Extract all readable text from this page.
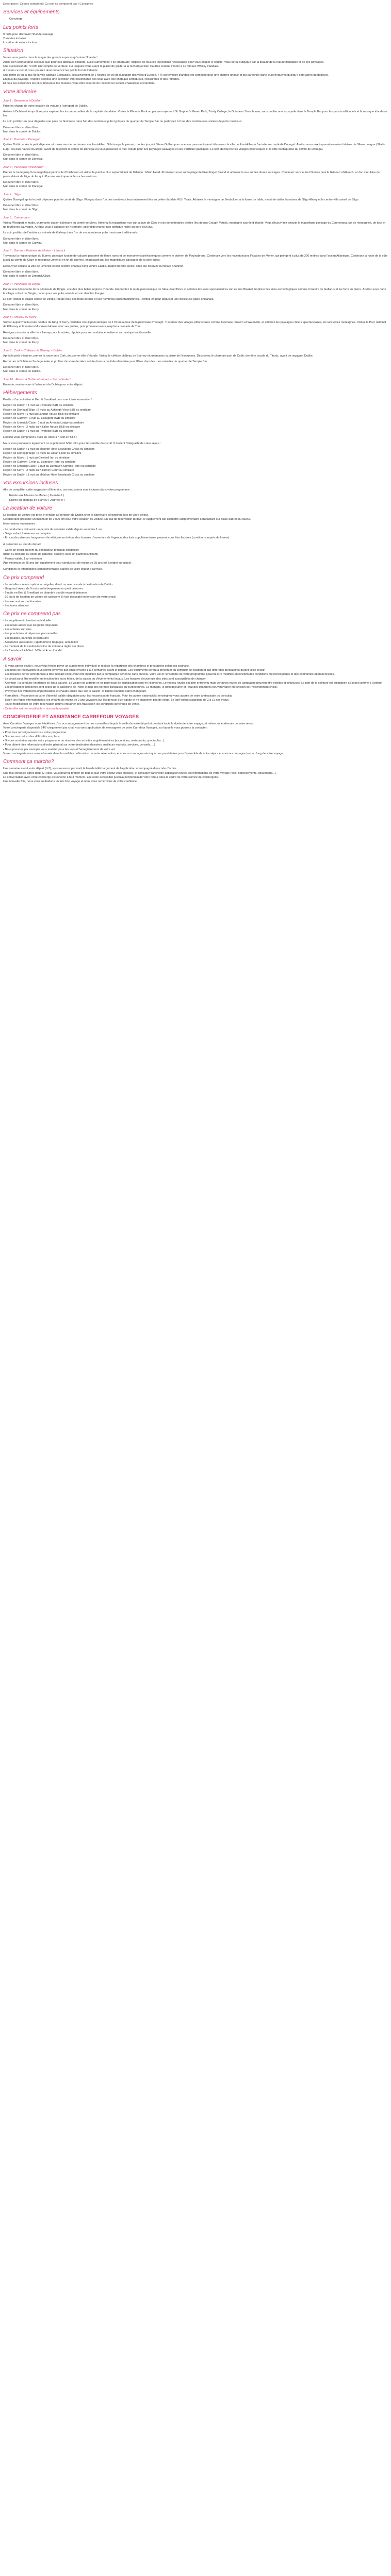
Description | Ce prix comprend | Ce prix ne comprend pas | Consignes
Services et équipements
• Concierge
Les points forts

9 nuits pour découvrir l'Irlande sauvage

2 entrées incluses

Location de voiture incluse

Situation

Venez vous perdre dans la magie des grands espaces qu'anime l'Irlande !

Aussi bien connue pour ses lacs que pour ses tableaux, l'Irlande, aussi surnommée "l'île émeraude" dispose de tous les ingrédients nécessaires pour vous couper le souffle. Vous serez subjugué par la beauté de la nature irlandaise et de ses paysages.

Une succession de 70 000 km² remplis de verdure, sur lesquels vous aurez le plaisir de guider à la recherque bien d'autres curieux trésors à ce fameux Whisky irlandais.

À travers ce circuit, vous pourrez ainsi découvrir les points fort de l'Irlande.

Une petite ils ou la que de la ville capitale Écossaise, exclusivement de 2 heures de vol de là plupart des villes d'Europe. 7 % du territoire irlandais est composé pour une charme unique et qui pardonne dans leurs fréquents quoiqu'e sont après du dépaysé.

En plus du paysage, l'Irlande propose une sélection impressionnante des lieux avec des châteaux somptueux, restaurants et des retraites.

Et pour les personnes les plus amoureux les musées, vous êtes assurés de recevoir un accueil chaleureux et irlandais.

Votre itinéraire
Jour 1 : Bienvenue à Dublin !

Prise en charge de votre location de voiture à l'aéroport de Dublin.

Arrivée à Dublin et temps libre pour explorer les incontournables de la capitale irlandaise. Visitez le Phoenix Park ou plaque majeure à St Stephen's Green Park, Trinity College, le Guinness Store house, sans oublier une escapade dans le Temple Bar pour les pubs traditionnels et la musique irlandaise live.

Le soir, profitez-en pour déguster une pinte de Guinness dans l'un des nombreux pubs typiques du quartier du Temple Bar ou participez à l'une des nombreuses soirées de pubs musicaux.

Déjeuner libre et dîner libre.

Nuit dans le comté de Dublin.

Jour 2 : Dundalk – Donegal

Quittez Dublin après le petit déjeuner et roulez vers le nord-ouest via Enniskillen. Si le temps le permet, montez jusqu'à Slieve Gullion pour une vue panoramique et découvrez la ville de Enniskillen à l'arrivée au comté de Donegal. Arrêtez-vous aux impressionnantes falaises de Slieve League (Sliabh Liag), les plus hautes d'Europe, avant de rejoindre le comté de Donegal où vous passerez la nuit, réputé pour ses paysages sauvages et ses traditions gaéliques. Le soir, découvrez les villages pittoresques et la côte déchiquetée du comté de Donegal.

Déjeuner libre et dîner libre.

Nuit dans le comté de Donegal.

Jour 3 : Péninsule d'Inishowen

Prenez la route jusqu'à la magnifique péninsule d'Inishowen et visitez le point le plus septentrional de l'Irlande : Malin Head. Promenez-vous sur la plage de Five Finger Strand et admirez la vue sur les dunes sauvages. Continuez vers le Fort Dunree puis le Grianan of Aileach, un fort circulaire de pierre datant de l'âge du fer qui offre une vue imprenable sur les environs.

Déjeuner libre et dîner libre.

Nuit dans le comté de Donegal.

Jour 4 : Sligo

Quittez Donegal après le petit déjeuner pour le comté de Sligo. Plongez dans l'un des nombreux lieux intimement liés au poète irlandais W.B. Yeats. Admirez la montagne de Benbulben à la forme de table, avant de visiter les ruines de Sligo Abbey et le centre-ville animé de Sligo.

Déjeuner libre et dîner libre.

Nuit dans le comté de Sligo.

Jour 5 : Connemara

Visitez Westport le matin, charmante station balnéaire du comté de Mayo. Admirez la magnifique vue sur la baie de Clew et ses innombrables petites îles depuis Croagh Patrick, montagne sacrée d'Irlande. Vous découvrirez ensuite le magnifique paysage du Connemara, fait de montagnes, de lacs et de tourbières sauvages. Arrêtez-vous à l'abbaye de Kylemore, splendide manoir néo-gothique niché au bord d'un lac.

Le soir, profitez de l'ambiance animée de Galway dans l'un de ses nombreux pubs musicaux traditionnels.

Déjeuner libre et dîner libre.

Nuit dans le comté de Galway.

Jour 6 : Burren – Falaises de Moher – Limerick

Traversez la région unique du Burren, paysage lunaire de calcaire parsemé de fleurs rares et de monuments préhistoriques comme le dolmen de Poulnabrone. Continuez vers les majestueuses Falaises de Moher, qui plongent à plus de 200 mètres dans l'océan Atlantique. Continuez la route de la côte jusqu'au comté de Clare et rejoignez Limerick en fin de journée, en passant par les magnifiques paysages de la côte ouest.

Découvrez ensuite la ville de Limerick et son célèbre château King John's Castle, datant du XIIIe siècle, situé sur les rives du fleuve Shannon.

Déjeuner libre et dîner libre.

Nuit dans le comté de Limerick/Clare.

Jour 7 : Péninsule de Dingle

Partez à la découverte de la péninsule de Dingle, une des plus belles régions d'Irlande. Empruntez la route panoramique de Slea Head Drive et admirez les vues spectaculaires sur les îles Blasket. Explorez les sites archéologiques comme l'oratoire de Gallarus et les forts en pierre. Arrêtez-vous dans le village coloré de Dingle, connu pour ses pubs animés et son dauphin Fungie.

Le soir, visitez le village coloré de Dingle, réputé pour ses fruits de mer et ses nombreux pubs traditionnels. Profitez-en pour déguster une délicieuse glace artisanale.

Déjeuner libre et dîner libre.

Nuit dans le comté de Kerry.

Jour 8 : Anneau du Kerry

Suivez aujourd'hui la route célèbre du Ring of Kerry, véritable circuit panoramique de 179 km autour de la péninsule d'Iveragh. Traversez des villages pittoresques comme Kenmare, Sneem et Waterville, et admirez les paysages côtiers spectaculaires, les lacs et les montagnes. Visitez le Parc national de Killarney et la maison Muckross House avec ses jardins, puis promenez-vous jusqu'à la cascade de Torc.

Rejoignez ensuite la ville de Killarney pour la soirée, réputée pour son ambiance festive et sa musique traditionnelle.

Déjeuner libre et dîner libre.

Nuit dans le comté de Kerry.

Jour 9 : Cork – Château de Blarney – Dublin

Après le petit déjeuner, prenez la route vers Cork, deuxième ville d'Irlande. Visitez le célèbre château de Blarney et embrassez la pierre de l'éloquence. Découvrez le charmant port de Cobh, dernière escale du Titanic, avant de regagner Dublin.

Retournez à Dublin en fin de journée et profitez de votre dernière soirée dans la capitale irlandaise pour flâner dans les rues animées du quartier de Temple Bar.

Déjeuner libre et dîner libre.

Nuit dans le comté de Dublin.

Jour 10 : Retour à Dublin et départ – Slán abhaile !

En route, rendez-vous à l'aéroport de Dublin pour votre départ.

Hébergements

Profitez d'un entretien et Bed & Breakfast pour une totale immersion !

Région de Dublin : 1 nuit au Riverside B&B ou similaire

Région de Donegal/Sligo : 2 nuits au Ashleigh View B&B ou similaire

Région de Mayo : 1 nuit au Langan House B&B ou similaire

Région de Galway : 1 nuit au Lissagore B&B ou similaire

Région de Limerick/Clare : 1 nuit au Armada Lodge ou similaire

Région de Kerry : 2 nuits au Killaloe House B&B ou similaire

Région de Dublin : 1 nuit au Riverside B&B ou similaire

L'option vous comprend 9 nuits en Hôtel 4 *, soit en B&B :

Nous vous proposons également un supplément hôtel ultra pour l'ensemble du circuit. Il devient l'intégralité de votre séjour :

Région de Dublin : 1 nuit au Maldron Hotel Newlands Cross ou similaire

Région de Donegal/Sligo : 2 nuits au Ostan Hotel ou similaire

Région de Mayo : 1 nuit au Clewbell Inn ou similaire

Région de Galway : 1 nuit au Lisdeane Hotel ou similaire

Région de Limerick/Clare : 1 nuit au Dunraven Springs Hotel ou similaire

Région de Kerry : 2 nuits au Killarney Court ou similaire

Région de Dublin : 1 nuit au Maldron Hotel Newlands Cross ou similaire

Vos excursions incluses

Afin de compléter cette suggestion d'itinéraire, ces excursions sont incluses dans votre programme :

• Entrée aux falaises de Moher ( Journée 6 )
• Entrée au château de Blarney ( Journée 9 )
La location de voiture

La location de voiture est prise et rendue à l'aéroport de Dublin chez le partenaire sélectionné lors de votre séjour.

Cet itinéraire présente un minimum de 1 000 km pour votre location de voiture. En cas de réservation tardive, le supplément par kilomètre supplémentaire sera facturé sur place auprès du loueur.

Informations importantes :

- Le conducteur doit avoir un permis de conduire valide depuis au moins 1 an

- Siège enfant à réserver au comptoir

- En cas de prise ou changement de véhicule en dehors des horaires d'ouverture de l'agence, des frais supplémentaires peuvent vous être facturés (conditions auprès du loueur)

À présenter au jour du départ :

- Carte de crédit au nom du conducteur principal obligatoire

(débit ou blocage du dépôt de garantie, caution) avec un plafond suffisant)

- Permis valide, 1 an minimum

Âge minimum de 25 ans (un supplément pour conducteur de moins de 25 ans est à régler sur place).

Conditions et informations complémentaires auprès de votre loueur à l'arrivée.

Ce prix comprend

- Le vol aller – retour spécial au régulier, direct ou avec escale à destination de Dublin

- Un grand séjour de 9 nuits en hébergement en petit déjeuner

- 9 nuits en Bed & Breakfast en chambre double en petit déjeuner

- 10 jours de location de voiture de catégorie B (voir descriptif en fonction de votre choix)

- Les excursions mentionnées

- Les taxes aéroport

Ce prix ne comprend pas

- Le supplément chambre individuelle

- Les repas autres que les petits déjeuners

- Les entrées sur sites

- Les pourboires et dépenses personnelles

- Les péages, parkings et carburant

- Assurance assistance, rapatriement, bagages, annulation

- Le montant de la caution location de voiture à régler sur place

- La formule vol + hôtel : 'Hôtel 4 ★ en Irlande'

A savoir

- Si vous partez seul(e), nous vous ferons payer un supplément individuel et réaliser la répartition des chambres et prestations selon vos souhaits.

- Les bons de réservation vous seront envoyés par email environ 1 à 2 semaines avant le départ. Ces documents seront à présenter au comptoir de location et aux différents prestataires durant votre séjour.

- Les horaires de vol sont donnés à titre indicatif et peuvent être modifiés par la compagnie aérienne sans préavis. Votre vol et l'ensemble de votre programme peuvent être modifiés en fonction des conditions météorologiques et des contraintes opérationnelles.

- Le circuit peut être modifié en fonction des jours fériés, de la saison ou d'événements locaux. Les horaires d'ouverture des sites sont susceptibles de changer.

- Attention : la conduite en Irlande se fait à gauche. Le volant est à droite et les panneaux de signalisation sont en kilomètres. Le réseau routier est bien entretenu mais certaines routes de campagne peuvent être étroites et sinueuses. Le port de la ceinture est obligatoire à l'avant comme à l'arrière.

- Les prestations hôtelières sont celles de la catégorie de l'hôtel et non des normes françaises ou européennes. Le ménage, le petit déjeuner et l'état des chambres peuvent varier en fonction de l'hébergement choisi.

- Prévoyez des vêtements imperméables et chauds quelle que soit la saison, le temps irlandais étant changeant.

- Formalités : Passeport ou carte d'identité valide obligatoire pour les ressortissants français. Pour les autres nationalités, renseignez-vous auprès de votre ambassade ou consulat.

- Selon les règles internationales, les enfants de moins de 2 ans voyagent sur les genoux d'un adulte et ne disposent pas de siège. Le tarif enfant s'applique de 2 à 11 ans inclus.

- Toute modification de votre réservation pourra entraîner des frais selon les conditions générales de vente.

- Cette offre est non modifiable – non remboursable

CONCIERGERIE ET ASSISTANCE CARREFOUR VOYAGES

Avec Carrefour Voyages vous bénéficiez d'un accompagnement de nos conseillers depuis la veille de votre départ et pendant toute la durée de votre voyage, et même au lendemain de votre retour.

Votre conciergerie disponible 24/7 uniquement par chat, vos voirs application de messagerie de votre Carrefour Voyages, sur laquelle vous pourrez la contacter :

• Pour tous renseignements sur votre programme

• Si vous rencontrez des difficultés sur place

• Si vous souhaitez ajouter votre programme ou réserver des activités supplémentaires (excursions, restaurants, spectacles...)

• Pour obtenir des informations d'ordre général sur votre destination (horaires, meilleurs endroits, services, conseils, ...)

• Nous pouvons par exemple vous assister pour les vols et l'enregistrement de votre vol

Votre conciergerie vous sera adressée dans le mail de confirmation de votre réservation, et vous accompagne ainsi que nos prestataires pour l'ensemble de votre séjour et vous accompagne tout au long de votre voyage.

Comment ça marche?

Une semaine avant votre départ (J-7), vous recevrez par mail, le lien de téléchargement de l'application accompagné d'un code d'accès.

Une fois connecté après deux (2) clics, vous pourrez profiter de tout ce que votre séjour vous propose, et consulter dans votre application toutes les informations de votre voyage (vols, hébergements, documents...).

La conversation avec votre concierge est ouverte à tout moment. Elle reste accessible jusqu'au lendemain de votre retour dans le cadre de votre service de conciergerie.

Une nouvelle fois, nous vous souhaitons un très bon voyage et nous vous remercions de votre confiance.
